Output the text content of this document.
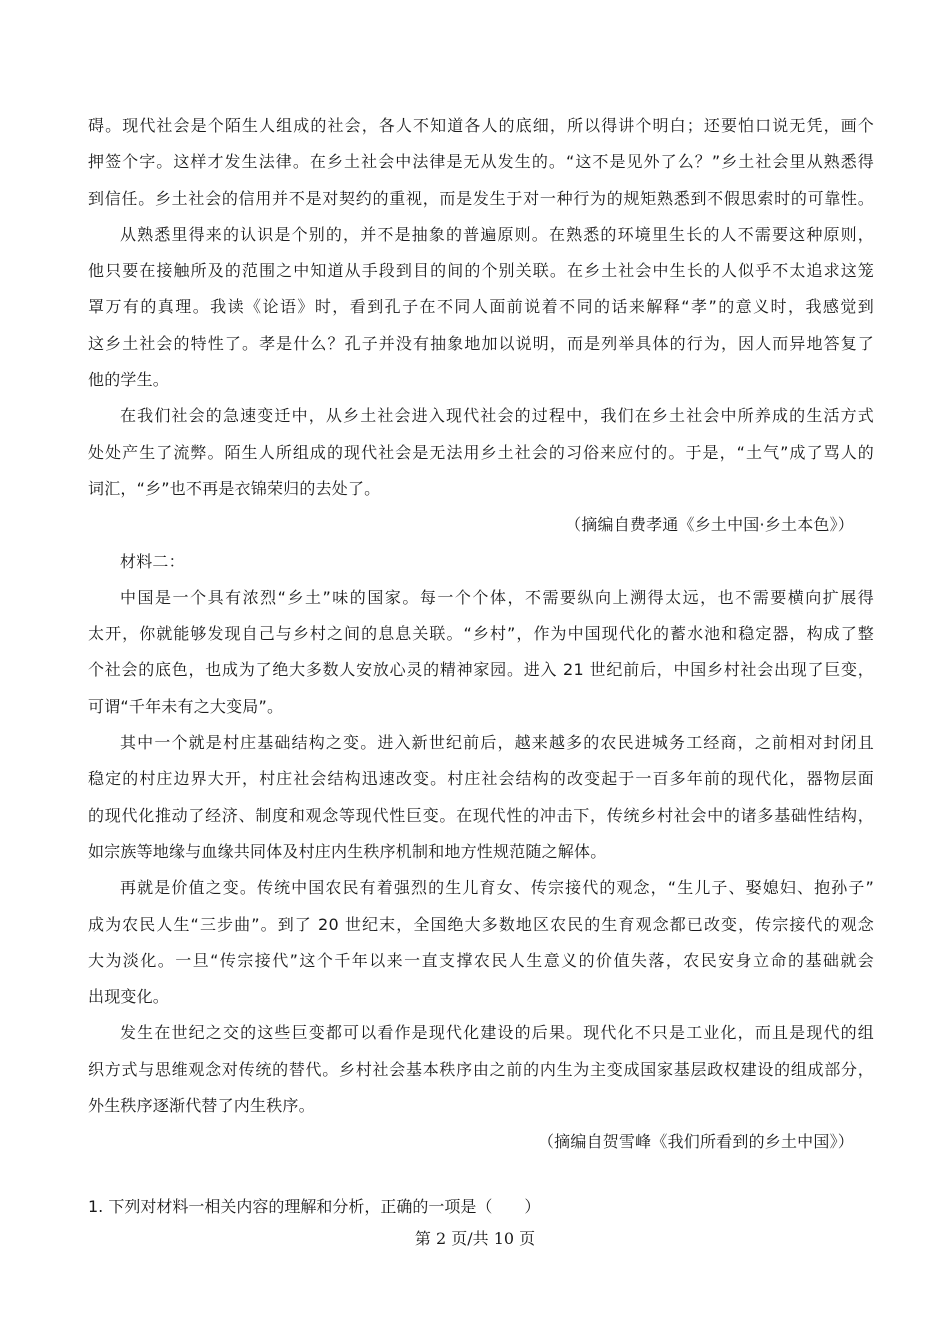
碍。现代社会是个陌生人组成的社会，各人不知道各人的底细，所以得讲个明白；还要怕口说无凭，画个
押签个字。这样才发生法律。在乡土社会中法律是无从发生的。“这不是见外了么？”乡土社会里从熟悉得
到信任。乡土社会的信用并不是对契约的重视，而是发生于对一种行为的规矩熟悉到不假思索时的可靠性。
从熟悉里得来的认识是个别的，并不是抽象的普遍原则。在熟悉的环境里生长的人不需要这种原则，
他只要在接触所及的范围之中知道从手段到目的间的个别关联。在乡土社会中生长的人似乎不太追求这笼
罩万有的真理。我读《论语》时，看到孔子在不同人面前说着不同的话来解释“孝”的意义时，我感觉到
这乡土社会的特性了。孝是什么？孔子并没有抽象地加以说明，而是列举具体的行为，因人而异地答复了
他的学生。
在我们社会的急速变迁中，从乡土社会进入现代社会的过程中，我们在乡土社会中所养成的生活方式
处处产生了流弊。陌生人所组成的现代社会是无法用乡土社会的习俗来应付的。于是，“土气”成了骂人的
词汇，“乡”也不再是衣锦荣归的去处了。
（摘编自费孝通《乡土中国·乡土本色》）
材料二：
中国是一个具有浓烈“乡土”味的国家。每一个个体，不需要纵向上溯得太远，也不需要横向扩展得
太开，你就能够发现自己与乡村之间的息息关联。“乡村”，作为中国现代化的蓄水池和稳定器，构成了整
个社会的底色，也成为了绝大多数人安放心灵的精神家园。进入 21 世纪前后，中国乡村社会出现了巨变，
可谓“千年未有之大变局”。
其中一个就是村庄基础结构之变。进入新世纪前后，越来越多的农民进城务工经商，之前相对封闭且
稳定的村庄边界大开，村庄社会结构迅速改变。村庄社会结构的改变起于一百多年前的现代化，器物层面
的现代化推动了经济、制度和观念等现代性巨变。在现代性的冲击下，传统乡村社会中的诸多基础性结构，
如宗族等地缘与血缘共同体及村庄内生秩序机制和地方性规范随之解体。
再就是价值之变。传统中国农民有着强烈的生儿育女、传宗接代的观念，“生儿子、娶媳妇、抱孙子”
成为农民人生“三步曲”。到了 20 世纪末，全国绝大多数地区农民的生育观念都已改变，传宗接代的观念
大为淡化。一旦“传宗接代”这个千年以来一直支撑农民人生意义的价值失落，农民安身立命的基础就会
出现变化。
发生在世纪之交的这些巨变都可以看作是现代化建设的后果。现代化不只是工业化，而且是现代的组
织方式与思维观念对传统的替代。乡村社会基本秩序由之前的内生为主变成国家基层政权建设的组成部分，
外生秩序逐渐代替了内生秩序。
（摘编自贺雪峰《我们所看到的乡土中国》）
1. 下列对材料一相关内容的理解和分析，正确的一项是（　　）
第 2 页/共 10 页
